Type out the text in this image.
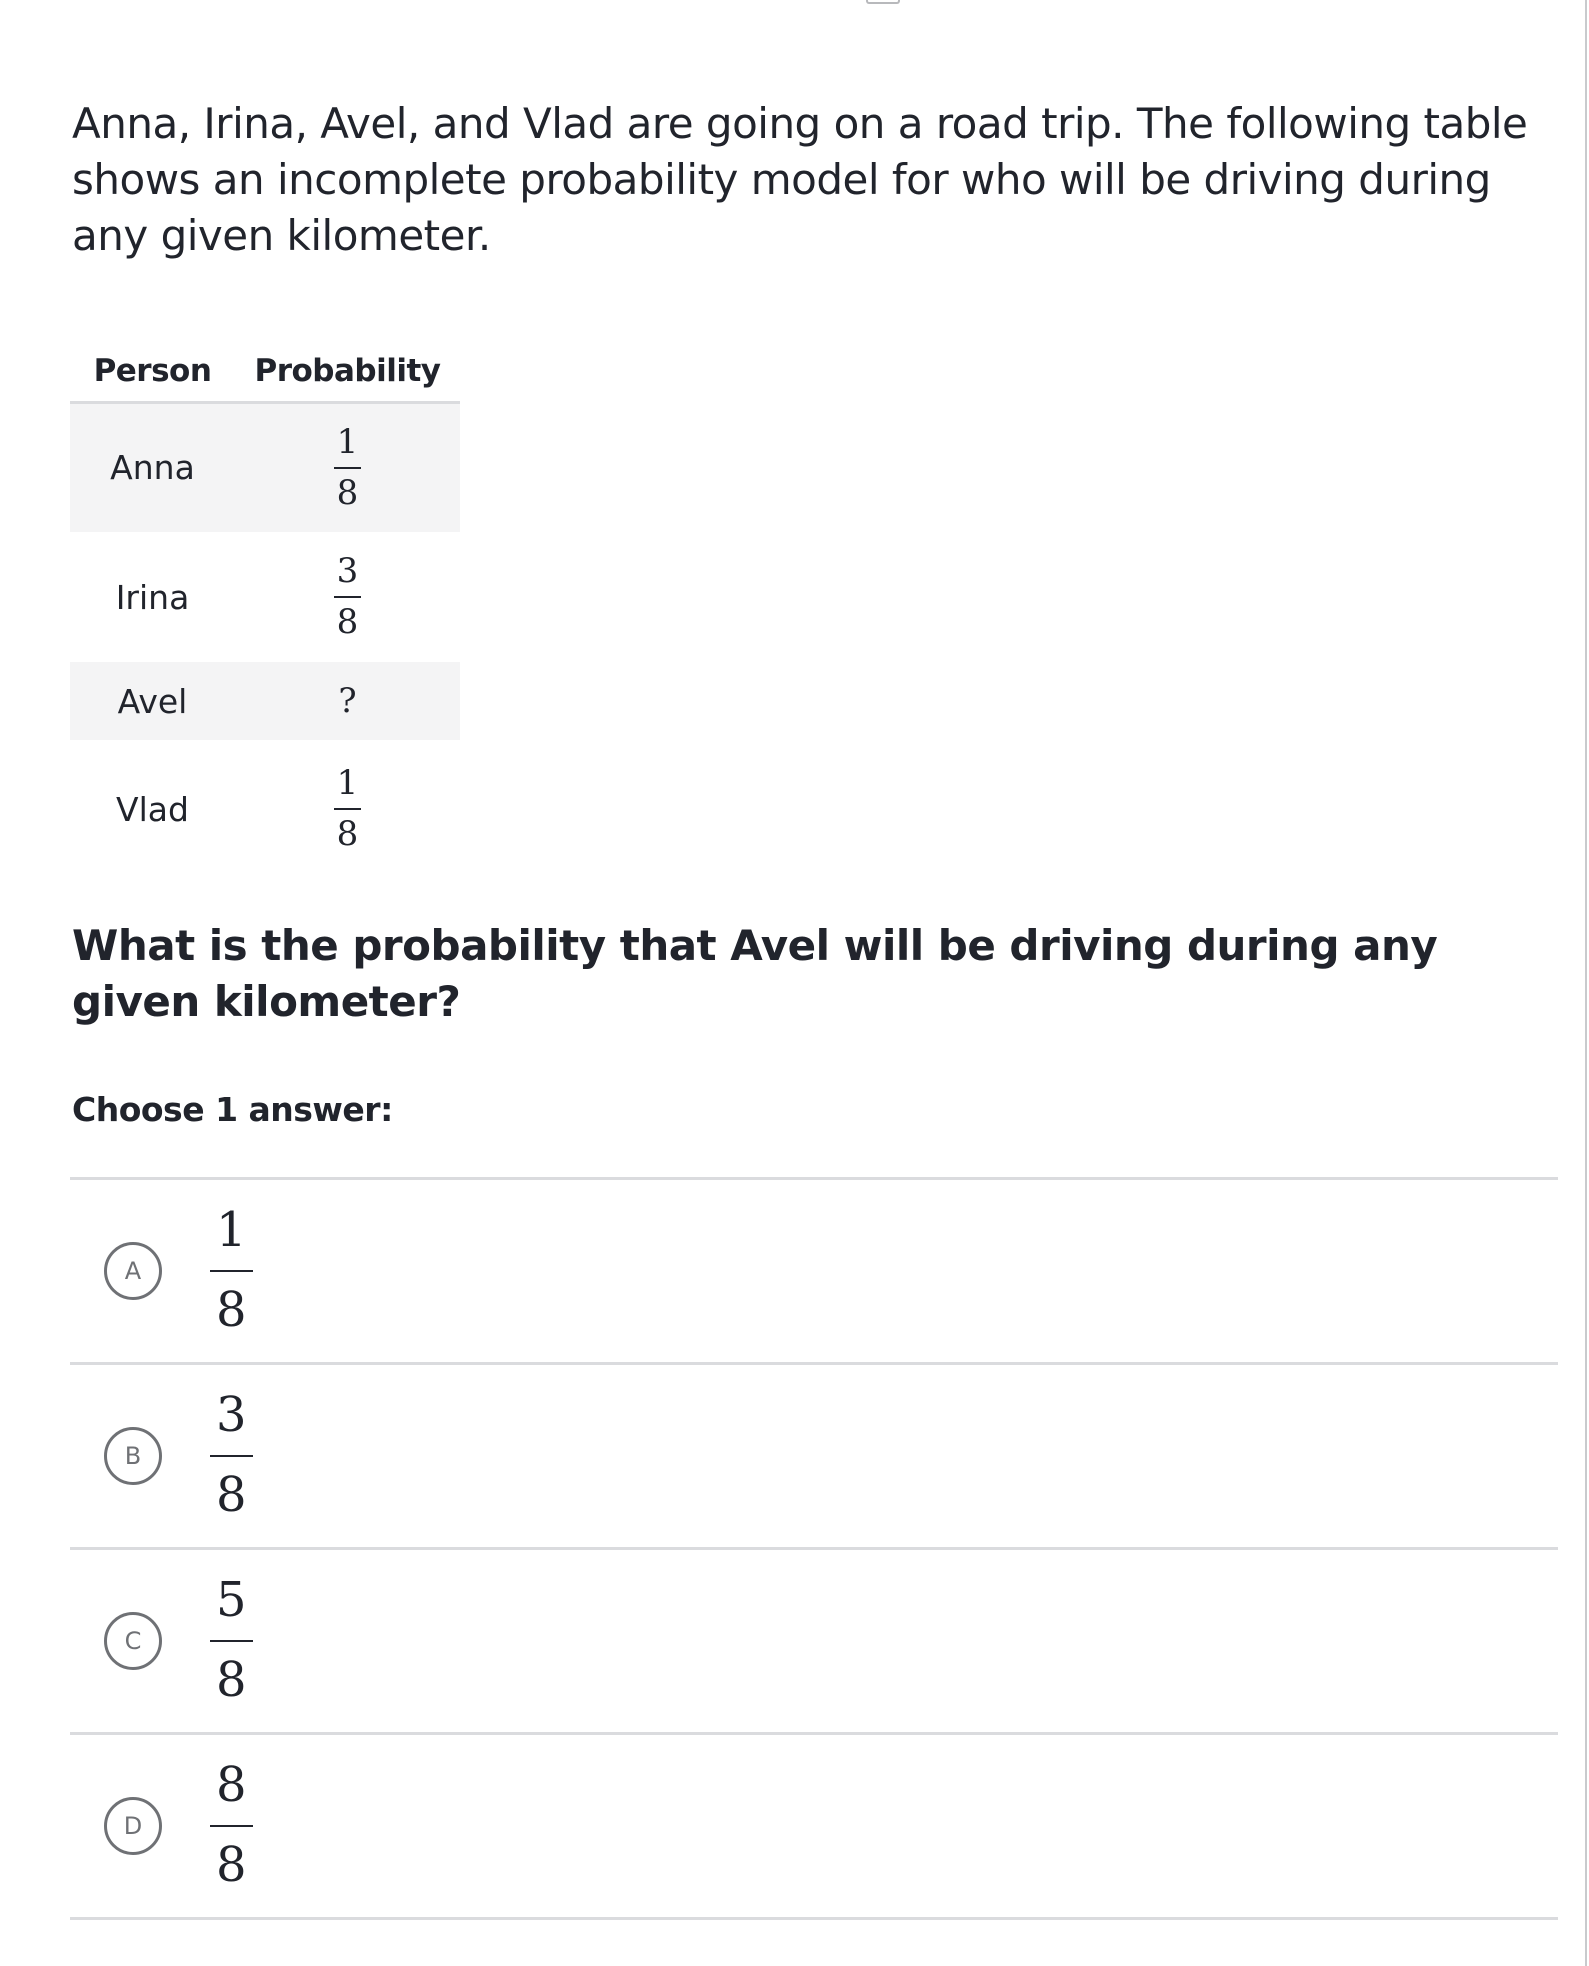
Anna, Irina, Avel, and Vlad are going on a road trip. The following table shows an incomplete probability model for who will be driving during any given kilometer.

Person	Probability
Anna	$\frac{1}{8}$

Irina	$\frac{3}{8}$

Avel	?
Vlad	$\frac{1}{8}$

What is the probability that Avel will be driving during any given kilometer?

Choose 1 answer:

A	$\frac{1}{8}$
B	$\frac{3}{8}$
C	$\frac{5}{8}$
D	$\frac{8}{8}$
